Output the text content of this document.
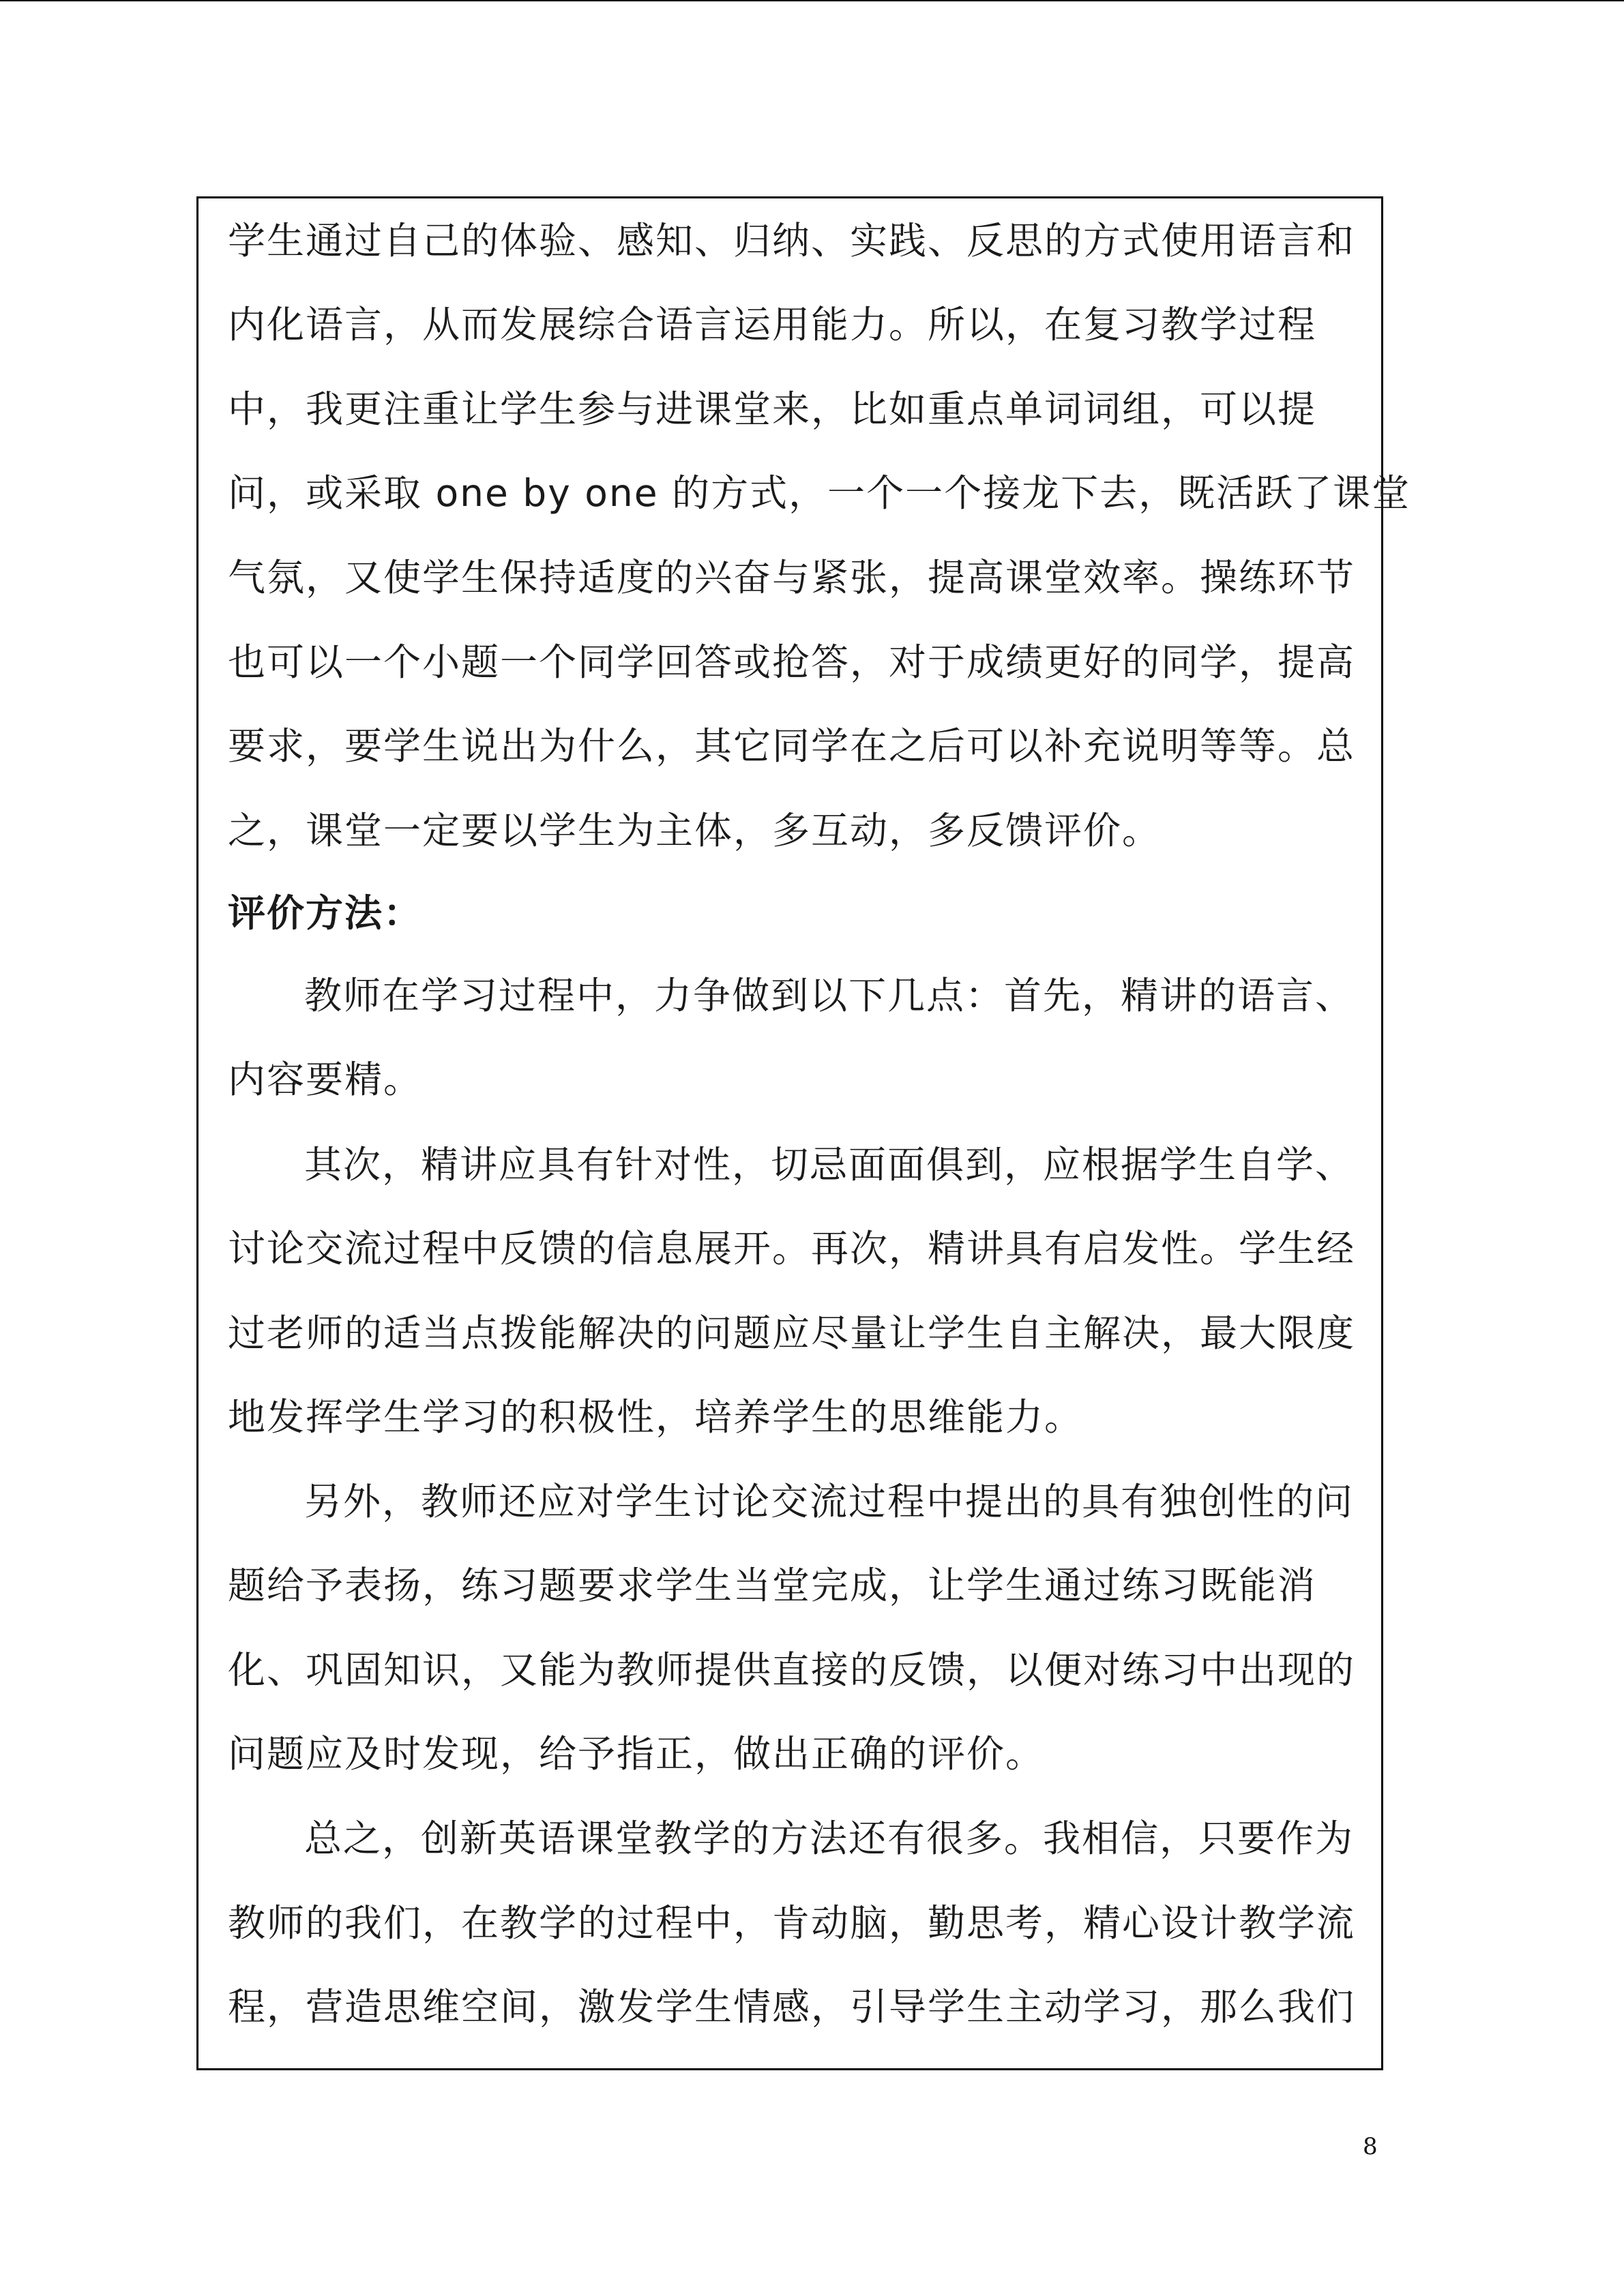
学生通过自己的体验、感知、归纳、实践、反思的方式使用语言和
内化语言，从而发展综合语言运用能力。所以，在复习教学过程
中，我更注重让学生参与进课堂来，比如重点单词词组，可以提
问，或采取 one by one 的方式，一个一个接龙下去，既活跃了课堂
气氛，又使学生保持适度的兴奋与紧张，提高课堂效率。操练环节
也可以一个小题一个同学回答或抢答，对于成绩更好的同学，提高
要求，要学生说出为什么，其它同学在之后可以补充说明等等。总
之，课堂一定要以学生为主体，多互动，多反馈评价。
评价方法：
教师在学习过程中，力争做到以下几点：首先，精讲的语言、
内容要精。
其次，精讲应具有针对性，切忌面面俱到，应根据学生自学、
讨论交流过程中反馈的信息展开。再次，精讲具有启发性。学生经
过老师的适当点拨能解决的问题应尽量让学生自主解决，最大限度
地发挥学生学习的积极性，培养学生的思维能力。
另外，教师还应对学生讨论交流过程中提出的具有独创性的问
题给予表扬，练习题要求学生当堂完成，让学生通过练习既能消
化、巩固知识，又能为教师提供直接的反馈，以便对练习中出现的
问题应及时发现，给予指正，做出正确的评价。
总之，创新英语课堂教学的方法还有很多。我相信，只要作为
教师的我们，在教学的过程中，肯动脑，勤思考，精心设计教学流
程，营造思维空间，激发学生情感，引导学生主动学习，那么我们
8
